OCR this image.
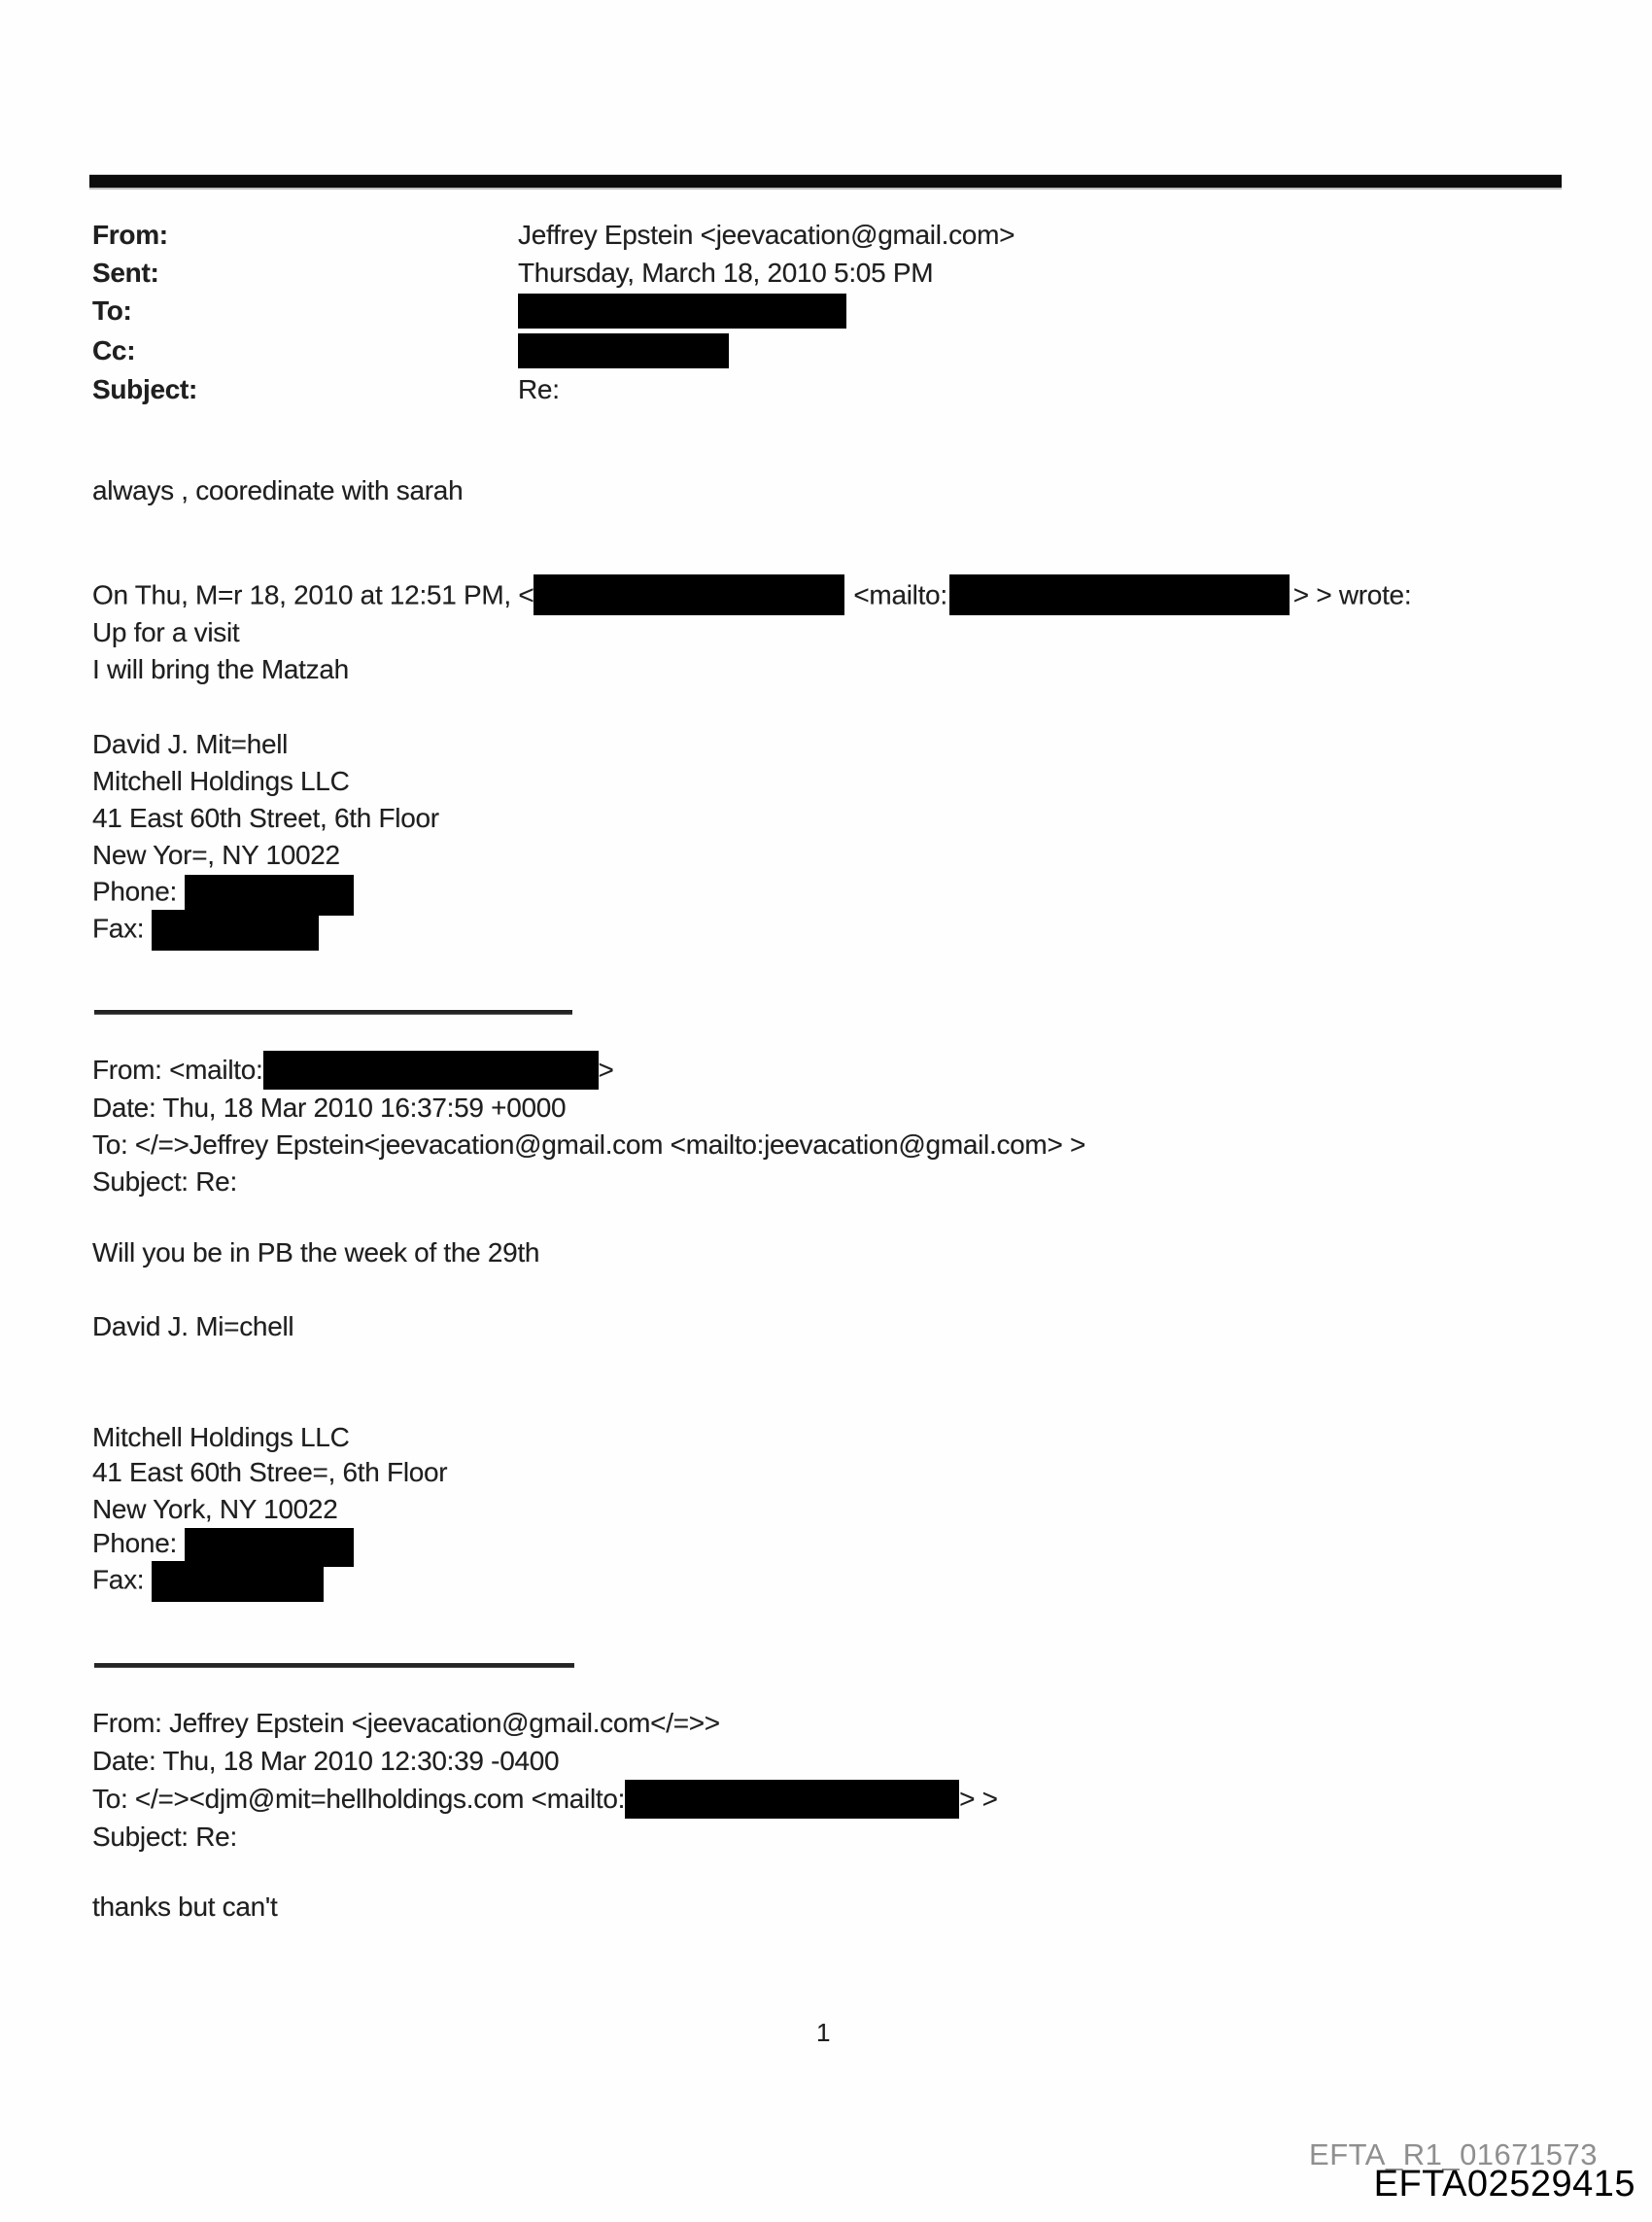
From:	Jeffrey Epstein <jeevacation@gmail.com>
Sent:	Thursday, March 18, 2010 5:05 PM
To:
Cc:
Subject:	Re:
always , cooredinate with sarah
On Thu, M=r 18, 2010 at 12:51 PM, <	<mailto:	> > wrote:
Up for a visit
I will bring the Matzah
David J. Mit=hell
Mitchell Holdings LLC
41 East 60th Street, 6th Floor
New Yor=, NY 10022
Phone:
Fax:
From: <mailto:	>
Date: Thu, 18 Mar 2010 16:37:59 +0000
To: </=>Jeffrey Epstein<jeevacation@gmail.com <mailto:jeevacation@gmail.com> >
Subject: Re:
Will you be in PB the week of the 29th
David J. Mi=chell
Mitchell Holdings LLC
41 East 60th Stree=, 6th Floor
New York, NY 10022
Phone:
Fax:
From: Jeffrey Epstein <jeevacation@gmail.com</=>>
Date: Thu, 18 Mar 2010 12:30:39 -0400
To: </=><djm@mit=hellholdings.com <mailto:	> >
Subject: Re:
thanks but can't
1
EFTA_R1_01671573
EFTA02529415
